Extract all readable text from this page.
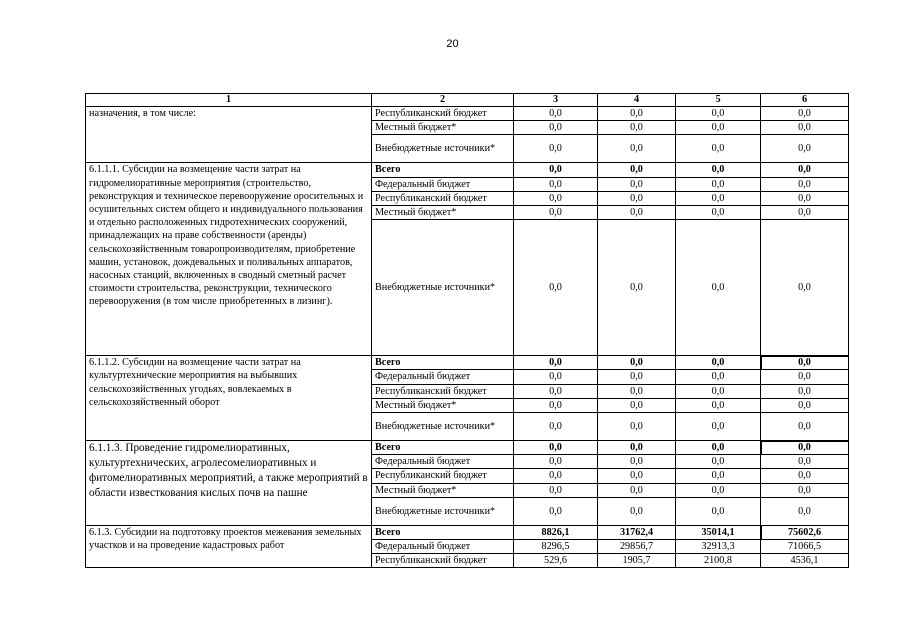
20
1	2	3	4	5	6
назначения, в том числе:	Республиканский бюджет	0,0	0,0	0,0	0,0
	Местный бюджет*	0,0	0,0	0,0	0,0
	Внебюджетные источники*	0,0	0,0	0,0	0,0
6.1.1.1. Субсидии на возмещение части затрат на гидромелиоративные мероприятия (строительство, реконструкция и техническое перевооружение оросительных и осушительных систем общего и индивидуального пользования и отдельно расположенных гидротехнических сооружений, принадлежащих на праве собственности (аренды) сельскохозяйственным товаропроизводителям, приобретение машин, установок, дождевальных и поливальных аппаратов, насосных станций, включенных в сводный сметный расчет стоимости строительства, реконструкции, технического перевооружения (в том числе приобретенных в лизинг).	Всего	0,0	0,0	0,0	0,0
	Федеральный бюджет	0,0	0,0	0,0	0,0
	Республиканский бюджет	0,0	0,0	0,0	0,0
	Местный бюджет*	0,0	0,0	0,0	0,0
	Внебюджетные источники*	0,0	0,0	0,0	0,0
6.1.1.2. Субсидии на возмещение части затрат на культуртехнические мероприятия на выбывших сельскохозяйственных угодьях, вовлекаемых в сельскохозяйственный оборот	Всего	0,0	0,0	0,0	0,0
	Федеральный бюджет	0,0	0,0	0,0	0,0
	Республиканский бюджет	0,0	0,0	0,0	0,0
	Местный бюджет*	0,0	0,0	0,0	0,0
	Внебюджетные источники*	0,0	0,0	0,0	0,0
6.1.1.3. Проведение гидромелиоративных, культуртехнических, агролесомелиоративных и фитомелиоративных мероприятий, а также мероприятий в области известкования кислых почв на пашне	Всего	0,0	0,0	0,0	0,0
	Федеральный бюджет	0,0	0,0	0,0	0,0
	Республиканский бюджет	0,0	0,0	0,0	0,0
	Местный бюджет*	0,0	0,0	0,0	0,0
	Внебюджетные источники*	0,0	0,0	0,0	0,0
6.1.3. Субсидии на подготовку проектов межевания земельных участков и на проведение кадастровых работ	Всего	8826,1	31762,4	35014,1	75602,6
	Федеральный бюджет	8296,5	29856,7	32913,3	71066,5
	Республиканский бюджет	529,6	1905,7	2100,8	4536,1
